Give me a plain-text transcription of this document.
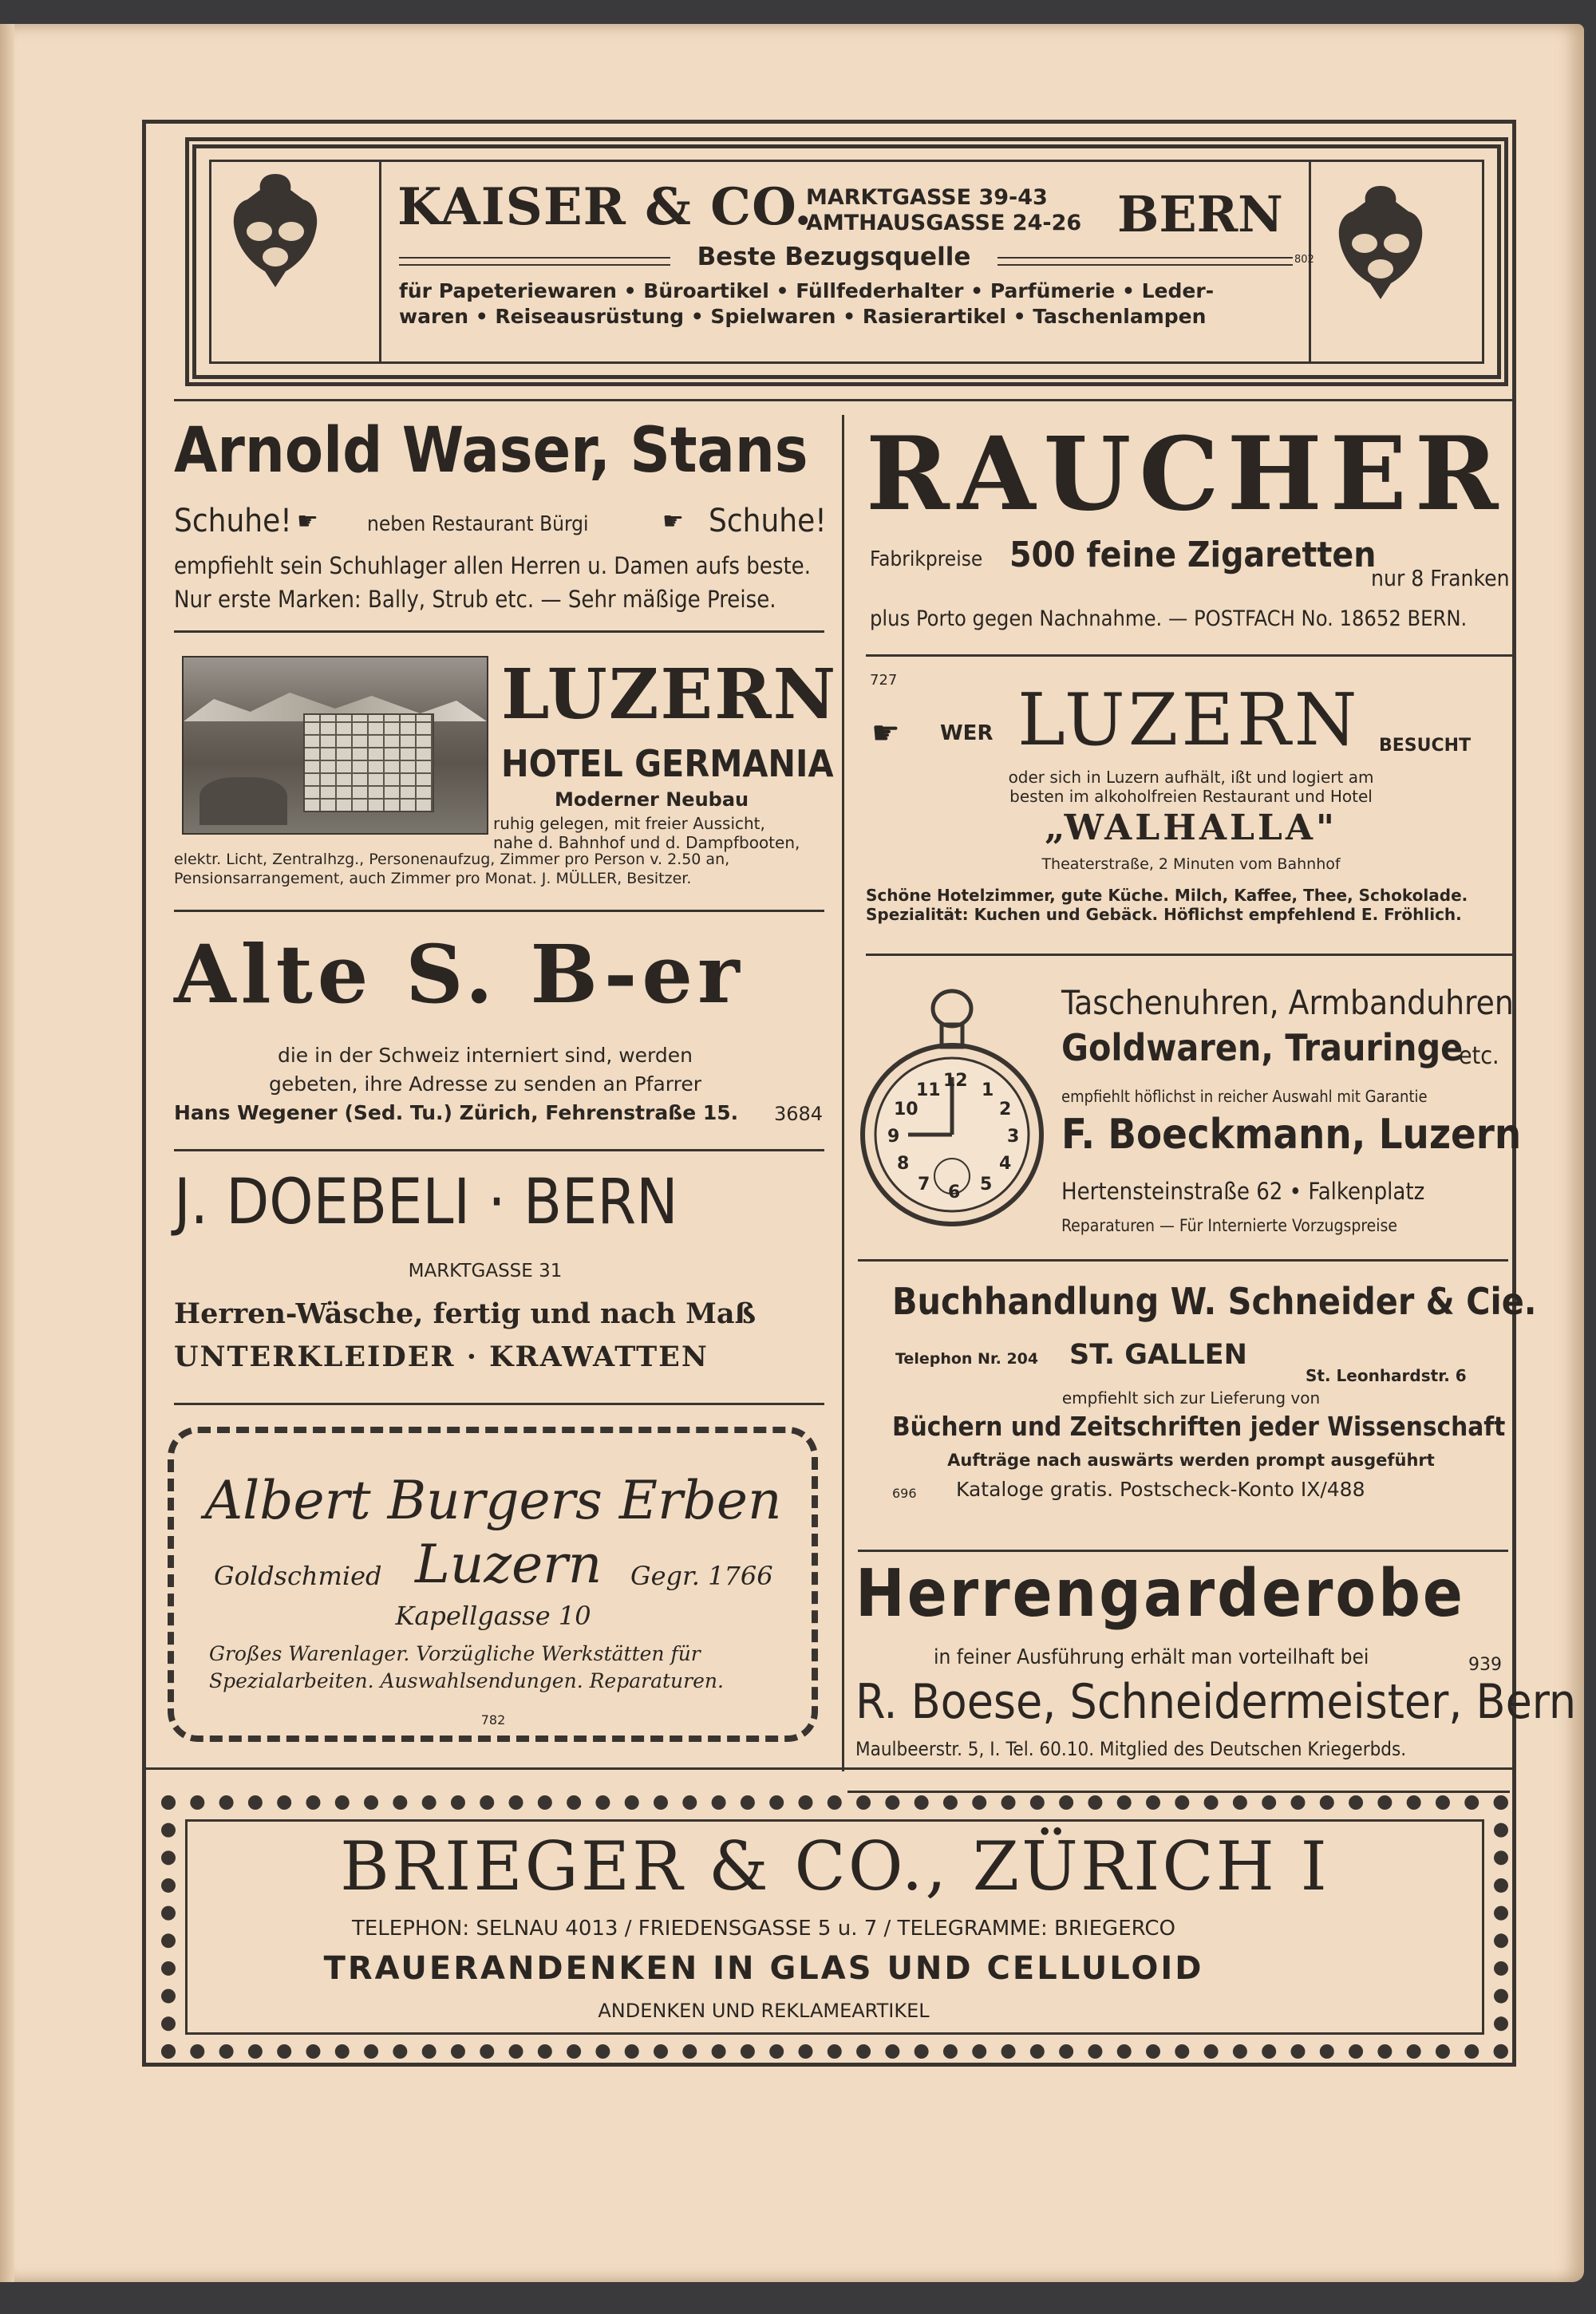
KAISER & CO.
MARKTGASSE 39-43
AMTHAUSGASSE 24-26 BERN
Beste Bezugsquelle	802
für Papeteriewaren • Büroartikel • Füllfederhalter • Parfümerie • Leder-
waren • Reiseausrüstung • Spielwaren • Rasierartikel • Taschenlampen
Arnold Waser, Stans
Schuhe! ☛ neben Restaurant Bürgi	☛ Schuhe!
empfiehlt sein Schuhlager allen Herren u. Damen aufs beste.
Nur erste Marken: Bally, Strub etc. — Sehr mäßige Preise.
RAUCHER
Fabrikpreise 500 feine Zigaretten
nur 8 Franken
plus Porto gegen Nachnahme. — POSTFACH No. 18652 BERN.
LUZERN
HOTEL GERMANIA
Moderner Neubau
ruhig gelegen, mit freier Aussicht,
nahe d. Bahnhof und d. Dampfbooten,
elektr. Licht, Zentralhzg., Personenaufzug, Zimmer pro Person v. 2.50 an,
Pensionsarrangement, auch Zimmer pro Monat. J. MÜLLER, Besitzer.
727
☛ WER LUZERN BESUCHT
oder sich in Luzern aufhält, ißt und logiert am
besten im alkoholfreien Restaurant und Hotel
„WALHALLA"
Theaterstraße, 2 Minuten vom Bahnhof
Schöne Hotelzimmer, gute Küche. Milch, Kaffee, Thee, Schokolade.
Spezialität: Kuchen und Gebäck. Höflichst empfehlend E. Fröhlich.
Alte S. B-er
die in der Schweiz interniert sind, werden
gebeten, ihre Adresse zu senden an Pfarrer
Hans Wegener (Sed. Tu.) Zürich, Fehrenstraße 15. 3684
12 1
2
3
4
5
6
7
8
9
10
11
Taschenuhren, Armbanduhren
Goldwaren, Trauringe
etc.
empfiehlt höflichst in reicher Auswahl mit Garantie
F. Boeckmann, Luzern
Hertensteinstraße 62 • Falkenplatz
Reparaturen — Für Internierte Vorzugspreise
J. DOEBELI · BERN
MARKTGASSE 31
Herren-Wäsche, fertig und nach Maß
UNTERKLEIDER · KRAWATTEN
Buchhandlung W. Schneider & Cie.
Telephon Nr. 204 ST. GALLEN
St. Leonhardstr. 6
empfiehlt sich zur Lieferung von
Büchern und Zeitschriften jeder Wissenschaft
Aufträge nach auswärts werden prompt ausgeführt
696 Kataloge gratis. Postscheck-Konto IX/488
Albert Burgers Erben
Goldschmied Luzern Gegr. 1766
Kapellgasse 10
Großes Warenlager. Vorzügliche Werkstätten für
Spezialarbeiten. Auswahlsendungen. Reparaturen.
782
Herrengarderobe
in feiner Ausführung erhält man vorteilhaft bei	939
R. Boese, Schneidermeister, Bern
Maulbeerstr. 5, I. Tel. 60.10. Mitglied des Deutschen Kriegerbds.
BRIEGER & CO., ZÜRICH I
TELEPHON: SELNAU 4013 / FRIEDENSGASSE 5 u. 7 / TELEGRAMME: BRIEGERCO
TRAUERANDENKEN IN GLAS UND CELLULOID
ANDENKEN UND REKLAMEARTIKEL
